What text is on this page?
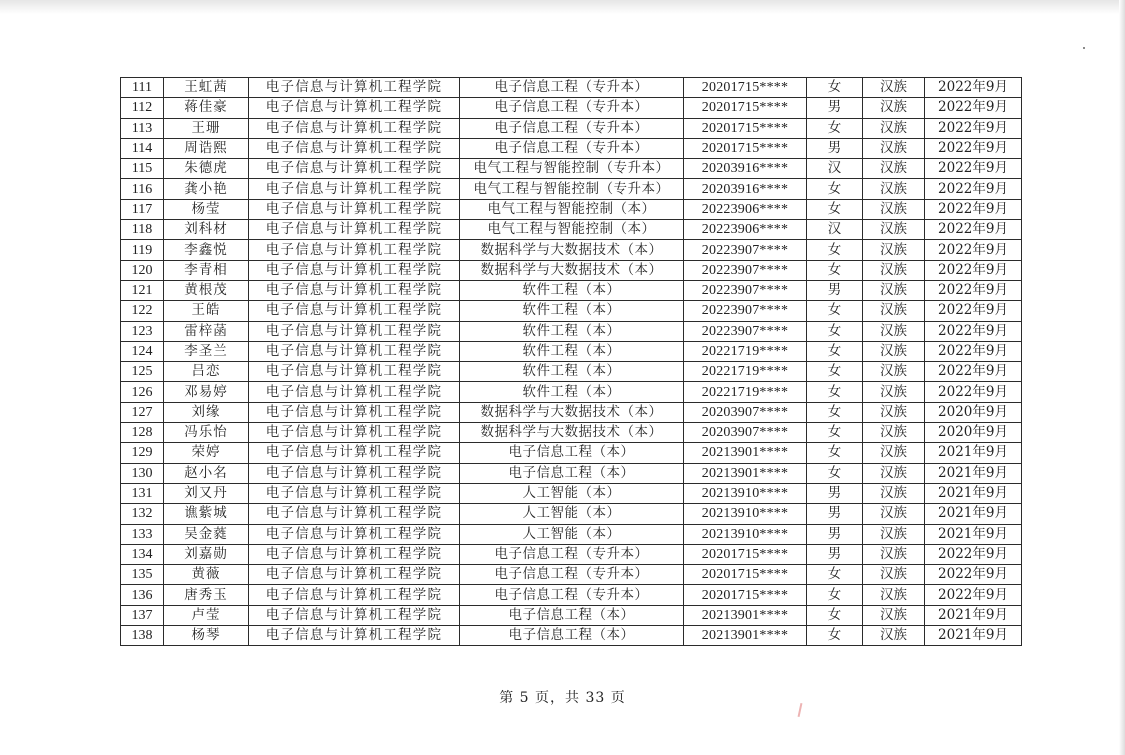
111	王虹茜	电子信息与计算机工程学院	电子信息工程（专升本）	20201715****	女	汉族	2022年9月
112	蒋佳豪	电子信息与计算机工程学院	电子信息工程（专升本）	20201715****	男	汉族	2022年9月
113	王珊	电子信息与计算机工程学院	电子信息工程（专升本）	20201715****	女	汉族	2022年9月
114	周诰熙	电子信息与计算机工程学院	电子信息工程（专升本）	20201715****	男	汉族	2022年9月
115	朱德虎	电子信息与计算机工程学院	电气工程与智能控制（专升本）	20203916****	汉	汉族	2022年9月
116	龚小艳	电子信息与计算机工程学院	电气工程与智能控制（专升本）	20203916****	女	汉族	2022年9月
117	杨莹	电子信息与计算机工程学院	电气工程与智能控制（本）	20223906****	女	汉族	2022年9月
118	刘科材	电子信息与计算机工程学院	电气工程与智能控制（本）	20223906****	汉	汉族	2022年9月
119	李鑫悦	电子信息与计算机工程学院	数据科学与大数据技术（本）	20223907****	女	汉族	2022年9月
120	李青相	电子信息与计算机工程学院	数据科学与大数据技术（本）	20223907****	女	汉族	2022年9月
121	黄根茂	电子信息与计算机工程学院	软件工程（本）	20223907****	男	汉族	2022年9月
122	王皓	电子信息与计算机工程学院	软件工程（本）	20223907****	女	汉族	2022年9月
123	雷梓菡	电子信息与计算机工程学院	软件工程（本）	20223907****	女	汉族	2022年9月
124	李圣兰	电子信息与计算机工程学院	软件工程（本）	20221719****	女	汉族	2022年9月
125	吕恋	电子信息与计算机工程学院	软件工程（本）	20221719****	女	汉族	2022年9月
126	邓易婷	电子信息与计算机工程学院	软件工程（本）	20221719****	女	汉族	2022年9月
127	刘缘	电子信息与计算机工程学院	数据科学与大数据技术（本）	20203907****	女	汉族	2020年9月
128	冯乐怡	电子信息与计算机工程学院	数据科学与大数据技术（本）	20203907****	女	汉族	2020年9月
129	荣婷	电子信息与计算机工程学院	电子信息工程（本）	20213901****	女	汉族	2021年9月
130	赵小名	电子信息与计算机工程学院	电子信息工程（本）	20213901****	女	汉族	2021年9月
131	刘又丹	电子信息与计算机工程学院	人工智能（本）	20213910****	男	汉族	2021年9月
132	谯紫城	电子信息与计算机工程学院	人工智能（本）	20213910****	男	汉族	2021年9月
133	吴金蕤	电子信息与计算机工程学院	人工智能（本）	20213910****	男	汉族	2021年9月
134	刘嘉勋	电子信息与计算机工程学院	电子信息工程（专升本）	20201715****	男	汉族	2022年9月
135	黄薇	电子信息与计算机工程学院	电子信息工程（专升本）	20201715****	女	汉族	2022年9月
136	唐秀玉	电子信息与计算机工程学院	电子信息工程（专升本）	20201715****	女	汉族	2022年9月
137	卢莹	电子信息与计算机工程学院	电子信息工程（本）	20213901****	女	汉族	2021年9月
138	杨琴	电子信息与计算机工程学院	电子信息工程（本）	20213901****	女	汉族	2021年9月
第 5 页，共 33 页
